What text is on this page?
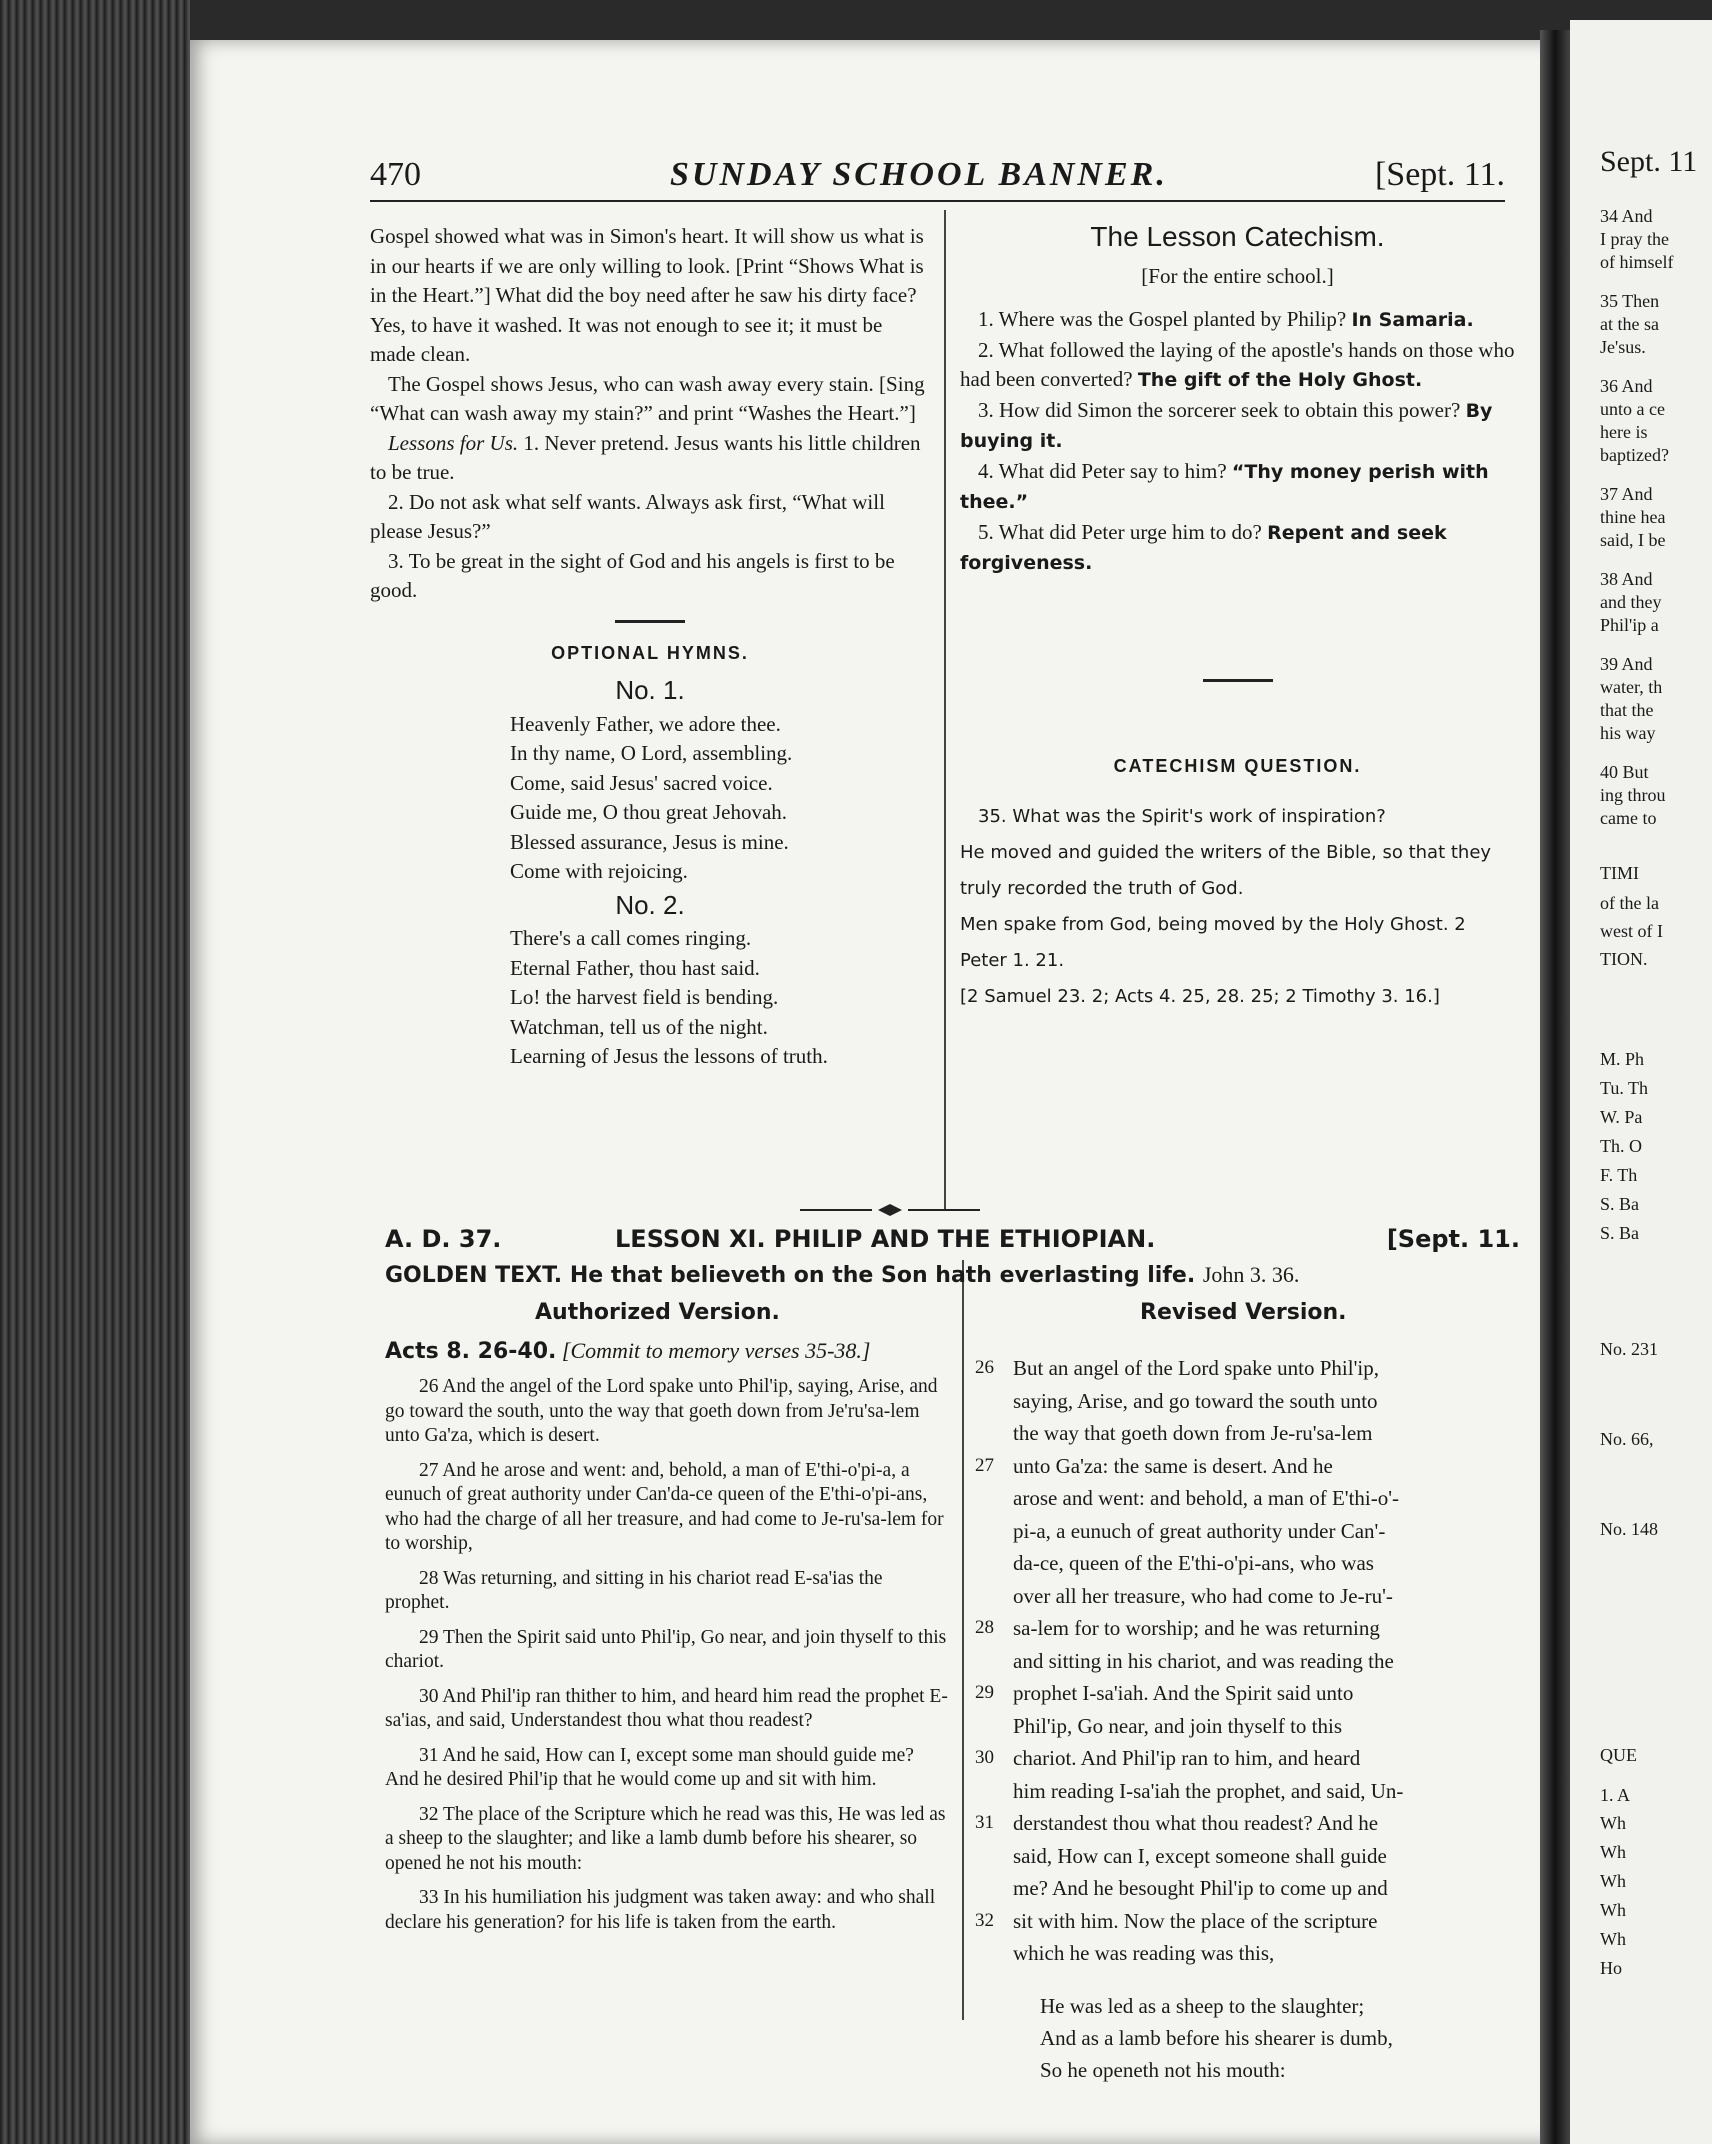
470	SUNDAY SCHOOL BANNER.	[Sept. 11.

Gospel showed what was in Simon's heart. It will show us what is in our hearts if we are only willing to look. [Print “Shows What is in the Heart.”] What did the boy need after he saw his dirty face? Yes, to have it washed. It was not enough to see it; it must be made clean.

The Gospel shows Jesus, who can wash away every stain. [Sing “What can wash away my stain?” and print “Washes the Heart.”]

Lessons for Us. 1. Never pretend. Jesus wants his little children to be true.

2. Do not ask what self wants. Always ask first, “What will please Jesus?”

3. To be great in the sight of God and his angels is first to be good.

OPTIONAL HYMNS.
No. 1.
Heavenly Father, we adore thee.
In thy name, O Lord, assembling.
Come, said Jesus' sacred voice.
Guide me, O thou great Jehovah.
Blessed assurance, Jesus is mine.
Come with rejoicing.
No. 2.
There's a call comes ringing.
Eternal Father, thou hast said.
Lo! the harvest field is bending.
Watchman, tell us of the night.
Learning of Jesus the lessons of truth.
The Lesson Catechism.
[For the entire school.]

1. Where was the Gospel planted by Philip? In Samaria.

2. What followed the laying of the apostle's hands on those who had been converted? The gift of the Holy Ghost.

3. How did Simon the sorcerer seek to obtain this power? By buying it.

4. What did Peter say to him? “Thy money perish with thee.”

5. What did Peter urge him to do? Repent and seek forgiveness.

CATECHISM QUESTION.

35. What was the Spirit's work of inspiration?

He moved and guided the writers of the Bible, so that they truly recorded the truth of God.

Men spake from God, being moved by the Holy Ghost. 2 Peter 1. 21.

[2 Samuel 23. 2; Acts 4. 25, 28. 25; 2 Timothy 3. 16.]

A. D. 37.	LESSON XI. PHILIP AND THE ETHIOPIAN.	[Sept. 11.
GOLDEN TEXT. He that believeth on the Son hath everlasting life. John 3. 36.
Authorized Version.	Revised Version.
Acts 8. 26-40. [Commit to memory verses 35-38.]

26 And the angel of the Lord spake unto Phil'ip, saying, Arise, and go toward the south, unto the way that goeth down from Je'ru'sa-lem unto Ga'za, which is desert.

27 And he arose and went: and, behold, a man of E'thi-o'pi-a, a eunuch of great authority under Can'da-ce queen of the E'thi-o'pi-ans, who had the charge of all her treasure, and had come to Je-ru'sa-lem for to worship,

28 Was returning, and sitting in his chariot read E-sa'ias the prophet.

29 Then the Spirit said unto Phil'ip, Go near, and join thyself to this chariot.

30 And Phil'ip ran thither to him, and heard him read the prophet E-sa'ias, and said, Understandest thou what thou readest?

31 And he said, How can I, except some man should guide me? And he desired Phil'ip that he would come up and sit with him.

32 The place of the Scripture which he read was this, He was led as a sheep to the slaughter; and like a lamb dumb before his shearer, so opened he not his mouth:

33 In his humiliation his judgment was taken away: and who shall declare his generation? for his life is taken from the earth.

26 But an angel of the Lord spake unto Phil'ip,
saying, Arise, and go toward the south unto
the way that goeth down from Je-ru'sa-lem
27 unto Ga'za: the same is desert. And he
arose and went: and behold, a man of E'thi-o'-
pi-a, a eunuch of great authority under Can'-
da-ce, queen of the E'thi-o'pi-ans, who was
over all her treasure, who had come to Je-ru'-
28 sa-lem for to worship; and he was returning
and sitting in his chariot, and was reading the
29 prophet I-sa'iah. And the Spirit said unto
Phil'ip, Go near, and join thyself to this
30 chariot. And Phil'ip ran to him, and heard
him reading I-sa'iah the prophet, and said, Un-
31 derstandest thou what thou readest? And he
said, How can I, except someone shall guide
me? And he besought Phil'ip to come up and
32 sit with him. Now the place of the scripture
which he was reading was this,
He was led as a sheep to the slaughter;
And as a lamb before his shearer is dumb,
So he openeth not his mouth:
Sept. 11
34 And
I pray the
of himself
35 Then
at the sa
Je'sus.
36 And
unto a ce
here is
baptized?
37 And
thine hea
said, I be
38 And
and they
Phil'ip a
39 And
water, th
that the
his way
40 But
ing throu
came to
TIMI
of the la
west of I
TION.
M. Ph
Tu. Th
W. Pa
Th. O
F. Th
S. Ba
S. Ba
No. 231
No. 66,
No. 148
QUE
1. A
Wh
Wh
Wh
Wh
Wh
Ho
